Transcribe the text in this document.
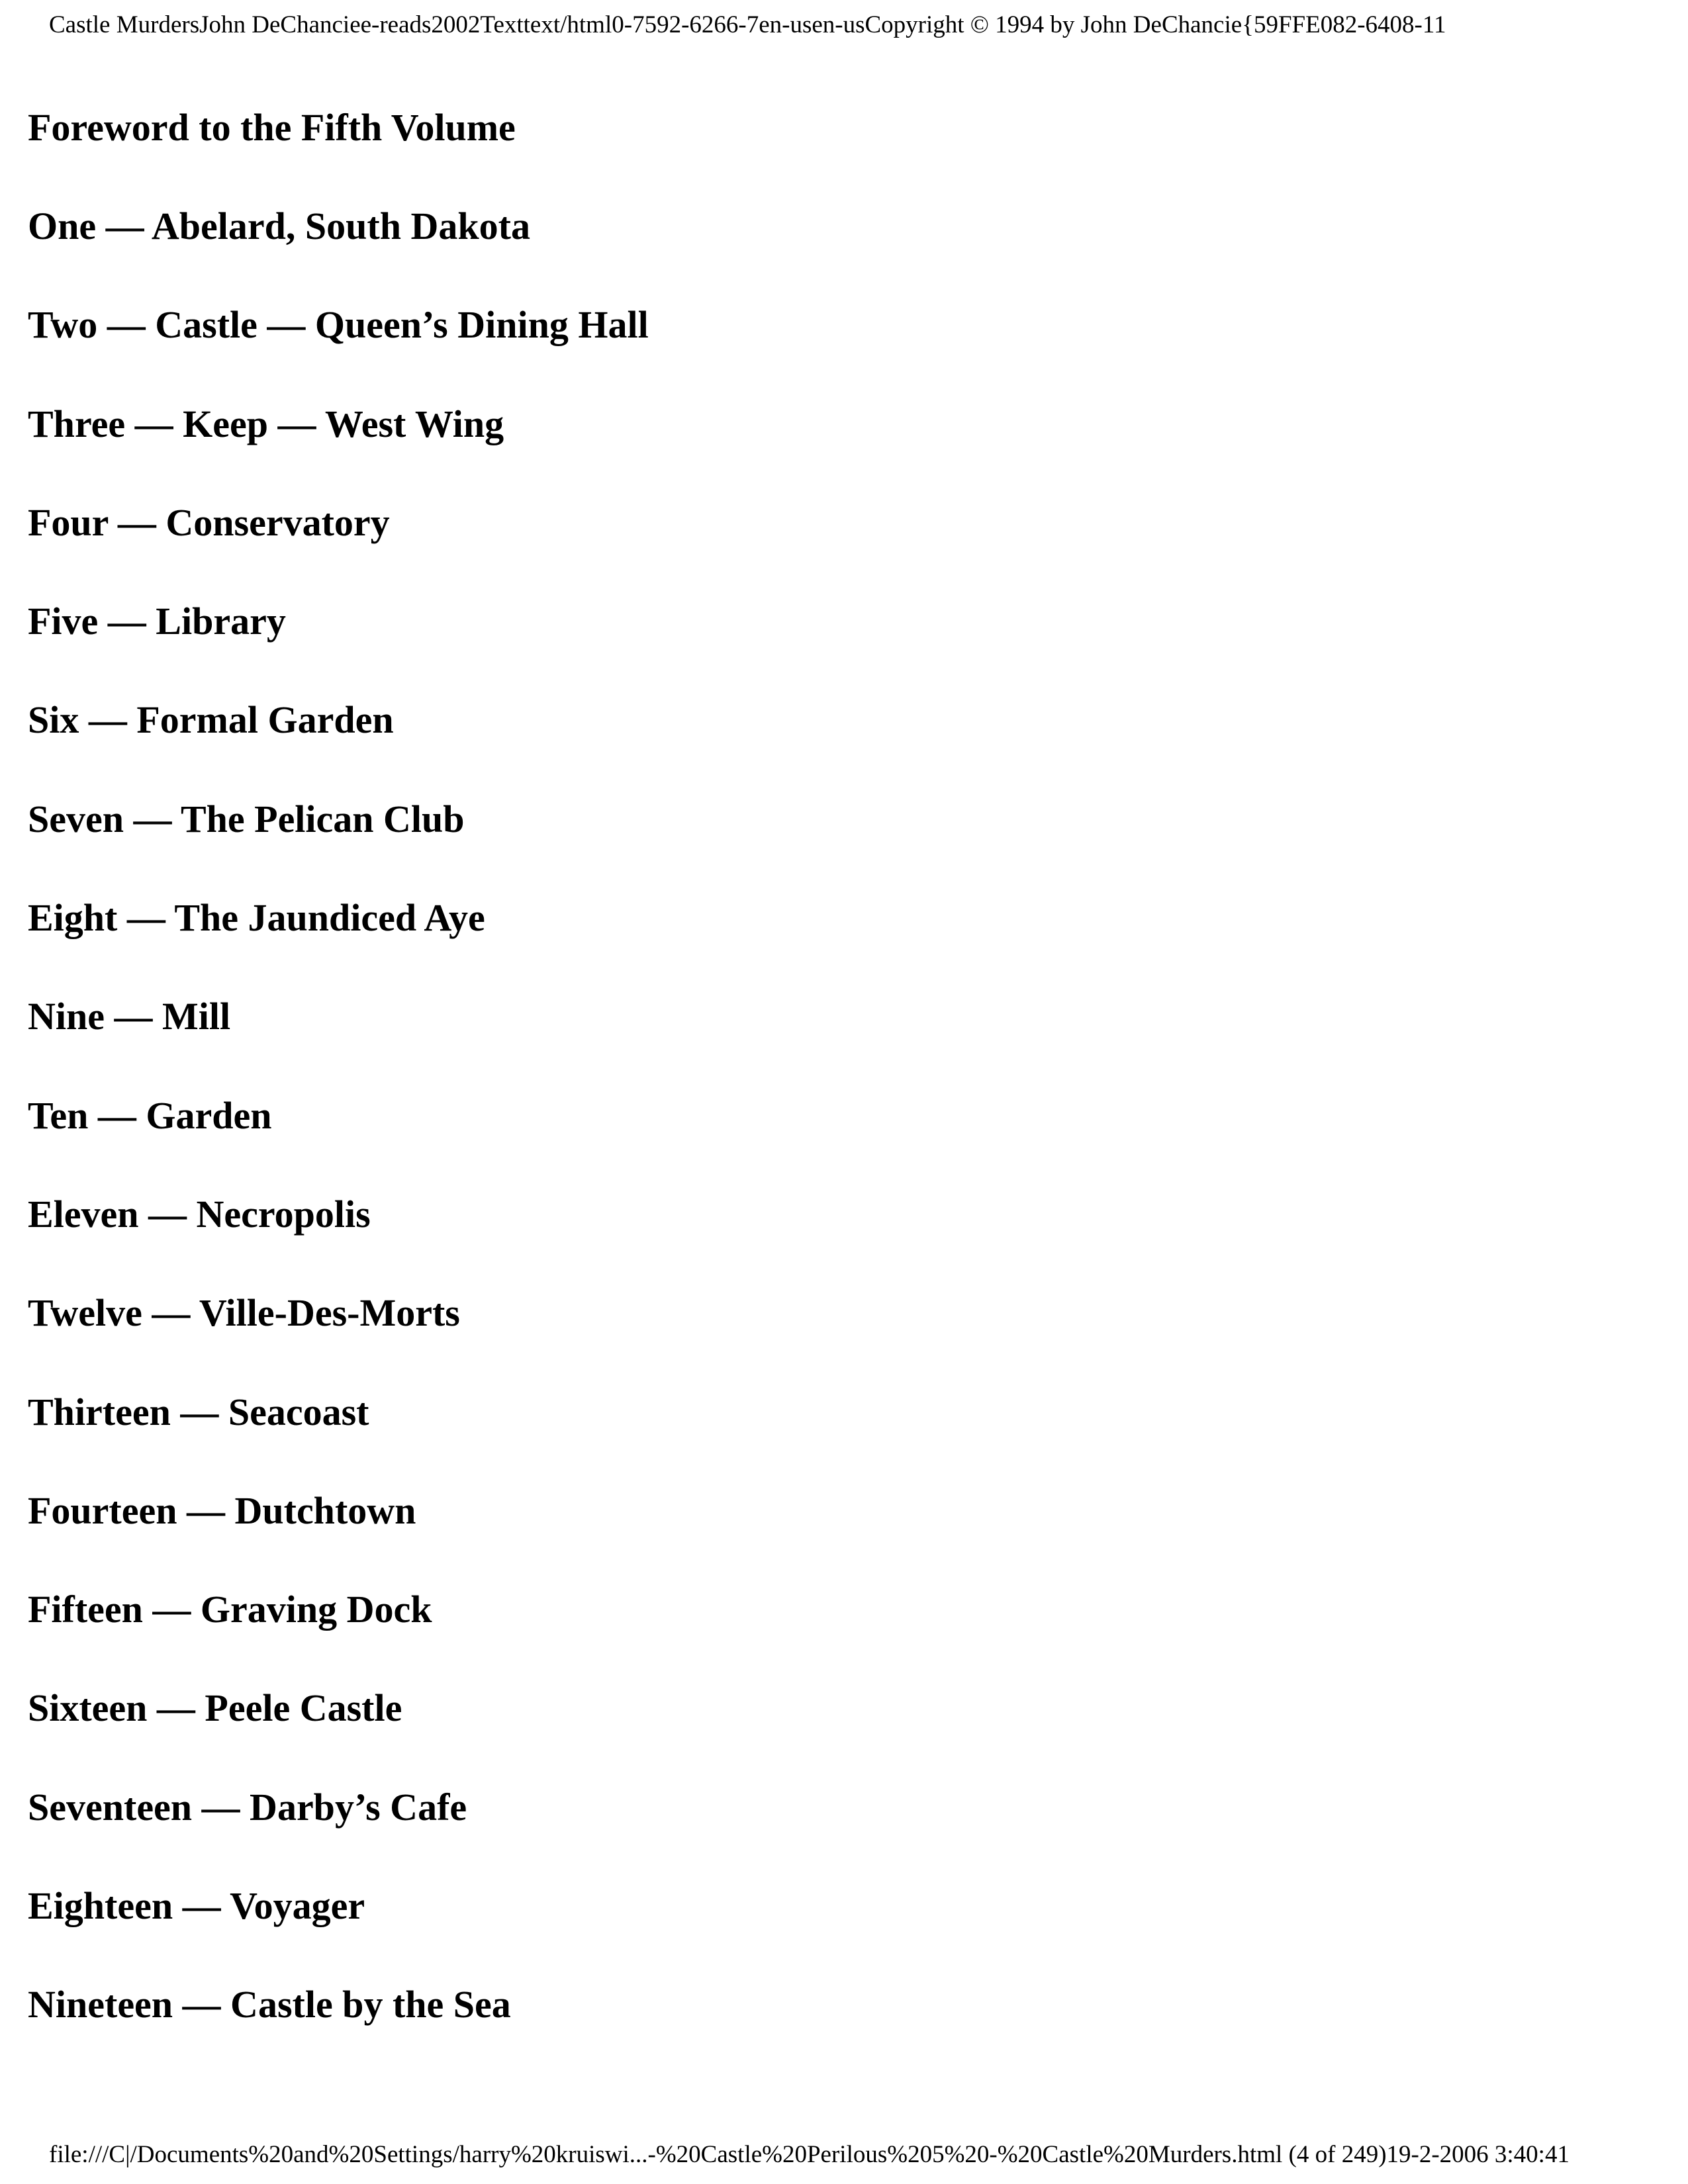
Castle MurdersJohn DeChanciee-reads2002Texttext/html0-7592-6266-7en-usen-usCopyright © 1994 by John DeChancie{59FFE082-6408-11
Foreword to the Fifth Volume
One — Abelard, South Dakota
Two — Castle — Queen’s Dining Hall
Three — Keep — West Wing
Four — Conservatory
Five — Library
Six — Formal Garden
Seven — The Pelican Club
Eight — The Jaundiced Aye
Nine — Mill
Ten — Garden
Eleven — Necropolis
Twelve — Ville-Des-Morts
Thirteen — Seacoast
Fourteen — Dutchtown
Fifteen — Graving Dock
Sixteen — Peele Castle
Seventeen — Darby’s Cafe
Eighteen — Voyager
Nineteen — Castle by the Sea
file:///C|/Documents%20and%20Settings/harry%20kruiswi...-%20Castle%20Perilous%205%20-%20Castle%20Murders.html (4 of 249)19-2-2006 3:40:41
